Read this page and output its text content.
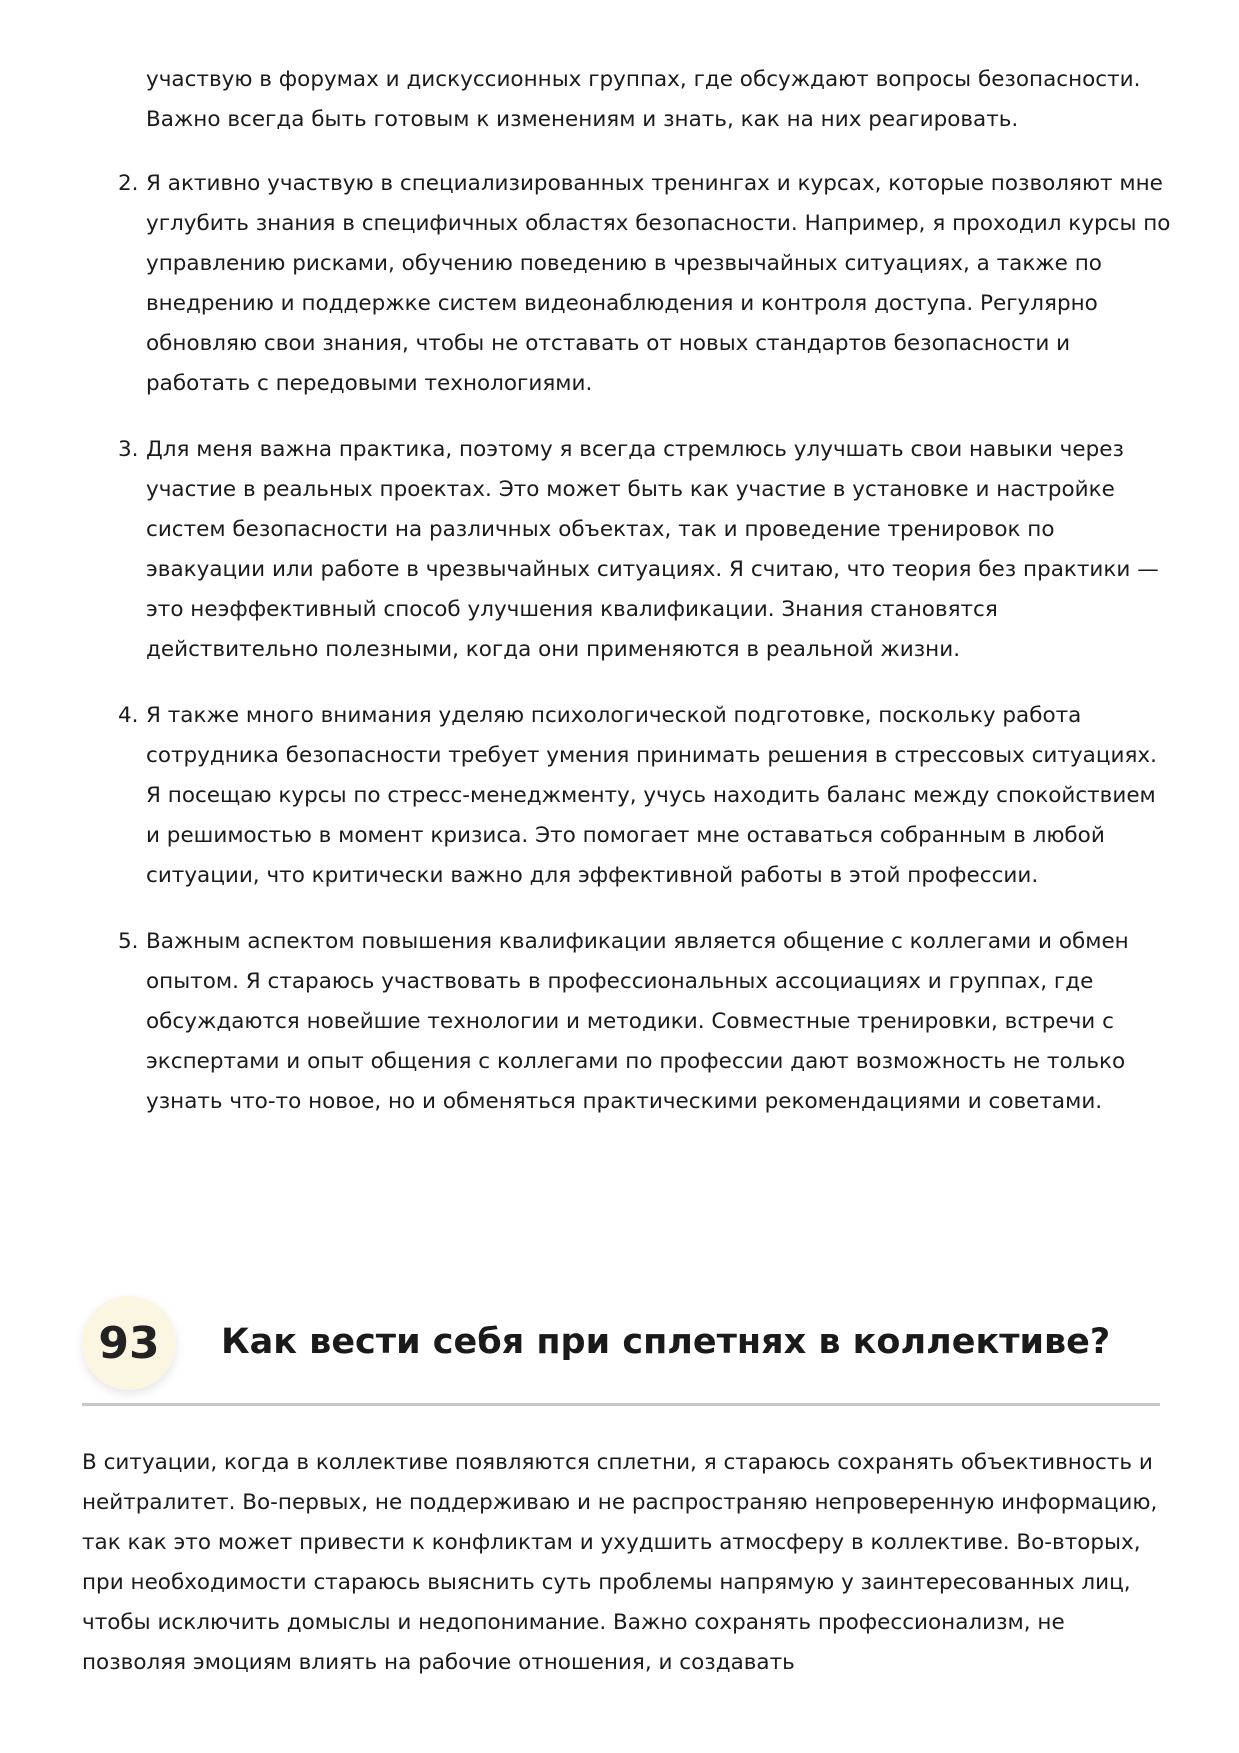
участвую в форумах и дискуссионных группах, где обсуждают вопросы безопасности. Важно всегда быть готовым к изменениям и знать, как на них реагировать.

2. Я активно участвую в специализированных тренингах и курсах, которые позволяют мне углубить знания в специфичных областях безопасности. Например, я проходил курсы по управлению рисками, обучению поведению в чрезвычайных ситуациях, а также по внедрению и поддержке систем видеонаблюдения и контроля доступа. Регулярно обновляю свои знания, чтобы не отставать от новых стандартов безопасности и работать с передовыми технологиями.
3. Для меня важна практика, поэтому я всегда стремлюсь улучшать свои навыки через участие в реальных проектах. Это может быть как участие в установке и настройке систем безопасности на различных объектах, так и проведение тренировок по эвакуации или работе в чрезвычайных ситуациях. Я считаю, что теория без практики — это неэффективный способ улучшения квалификации. Знания становятся действительно полезными, когда они применяются в реальной жизни.
4. Я также много внимания уделяю психологической подготовке, поскольку работа сотрудника безопасности требует умения принимать решения в стрессовых ситуациях. Я посещаю курсы по стресс-менеджменту, учусь находить баланс между спокойствием и решимостью в момент кризиса. Это помогает мне оставаться собранным в любой ситуации, что критически важно для эффективной работы в этой профессии.
5. Важным аспектом повышения квалификации является общение с коллегами и обмен опытом. Я стараюсь участвовать в профессиональных ассоциациях и группах, где обсуждаются новейшие технологии и методики. Совместные тренировки, встречи с экспертами и опыт общения с коллегами по профессии дают возможность не только узнать что-то новое, но и обменяться практическими рекомендациями и советами.
93	Как вести себя при сплетнях в коллективе?

В ситуации, когда в коллективе появляются сплетни, я стараюсь сохранять объективность и нейтралитет. Во-первых, не поддерживаю и не распространяю непроверенную информацию, так как это может привести к конфликтам и ухудшить атмосферу в коллективе. Во-вторых, при необходимости стараюсь выяснить суть проблемы напрямую у заинтересованных лиц, чтобы исключить домыслы и недопонимание. Важно сохранять профессионализм, не позволяя эмоциям влиять на рабочие отношения, и создавать
